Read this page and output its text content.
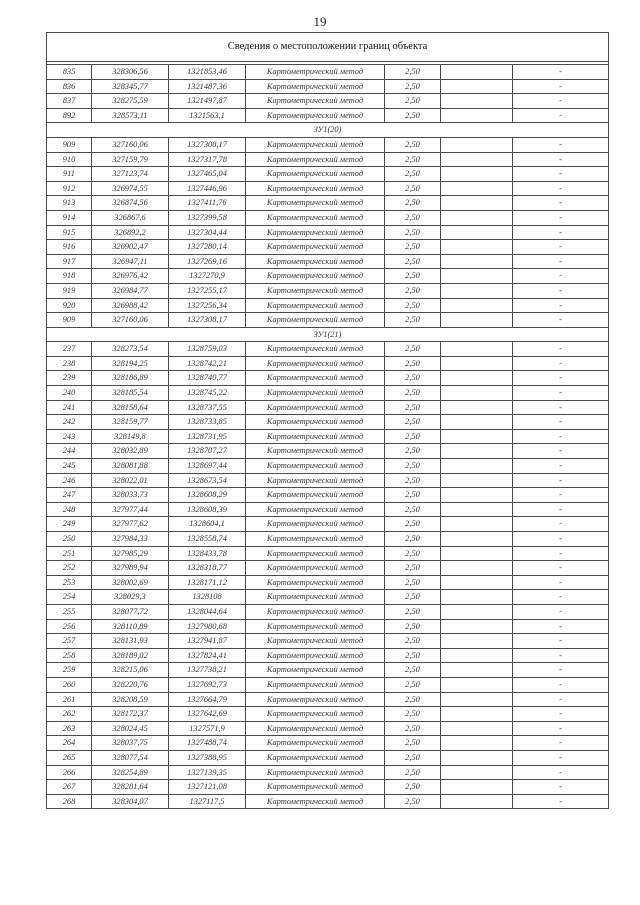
19
Сведения о местоположении границ объекта						

835	328306,56	1321853,46	Картометрический метод	2,50		-
836	328345,77	1321487,36	Картометрический метод	2,50		-
837	328275,59	1321497,87	Картометрический метод	2,50		-
892	328573,11	1321563,1	Картометрический метод	2,50		-
ЗУ1(20)						
909	327160,06	1327308,17	Картометрический метод	2,50		-
910	327159,79	1327317,78	Картометрический метод	2,50		-
911	327123,74	1327465,04	Картометрический метод	2,50		-
912	326974,55	1327446,96	Картометрический метод	2,50		-
913	326874,56	1327411,76	Картометрический метод	2,50		-
914	326867,6	1327399,58	Картометрический метод	2,50		-
915	326892,2	1327304,44	Картометрический метод	2,50		-
916	326902,47	1327280,14	Картометрический метод	2,50		-
917	326947,11	1327269,16	Картометрический метод	2,50		-
918	326976,42	1327270,9	Картометрический метод	2,50		-
919	326984,77	1327255,17	Картометрический метод	2,50		-
920	326988,42	1327256,34	Картометрический метод	2,50		-
909	327160,06	1327308,17	Картометрический метод	2,50		-
ЗУ1(21)						
237	328273,54	1328759,03	Картометрический метод	2,50		-
238	328194,25	1328742,21	Картометрический метод	2,50		-
239	328186,89	1328740,77	Картометрический метод	2,50		-
240	328185,54	1328745,22	Картометрический метод	2,50		-
241	328158,64	1328737,55	Картометрический метод	2,50		-
242	328159,77	1328733,85	Картометрический метод	2,50		-
243	328149,8	1328731,95	Картометрический метод	2,50		-
244	328032,89	1328707,27	Картометрический метод	2,50		-
245	328081,88	1328697,44	Картометрический метод	2,50		-
246	328022,01	1328673,54	Картометрический метод	2,50		-
247	328033,73	1328608,29	Картометрический метод	2,50		-
248	327977,44	1328608,39	Картометрический метод	2,50		-
249	327977,62	1328604,1	Картометрический метод	2,50		-
250	327984,33	1328558,74	Картометрический метод	2,50		-
251	327985,29	1328433,78	Картометрический метод	2,50		-
252	327989,94	1328318,77	Картометрический метод	2,50		-
253	328002,69	1328171,12	Картометрический метод	2,50		-
254	328029,3	1328108	Картометрический метод	2,50		-
255	328077,72	1328044,64	Картометрический метод	2,50		-
256	328110,89	1327980,68	Картометрический метод	2,50		-
257	328131,93	1327941,87	Картометрический метод	2,50		-
258	328189,02	1327824,41	Картометрический метод	2,50		-
259	328215,06	1327738,21	Картометрический метод	2,50		-
260	328220,76	1327692,73	Картометрический метод	2,50		-
261	328208,59	1327664,79	Картометрический метод	2,50		-
262	328172,37	1327642,69	Картометрический метод	2,50		-
263	328024,45	1327571,9	Картометрический метод	2,50		-
264	328037,75	1327488,74	Картометрический метод	2,50		-
265	328077,54	1327388,95	Картометрический метод	2,50		-
266	328254,89	1327139,35	Картометрический метод	2,50		-
267	328281,64	1327121,08	Картометрический метод	2,50		-
268	328304,07	1327117,5	Картометрический метод	2,50		-
